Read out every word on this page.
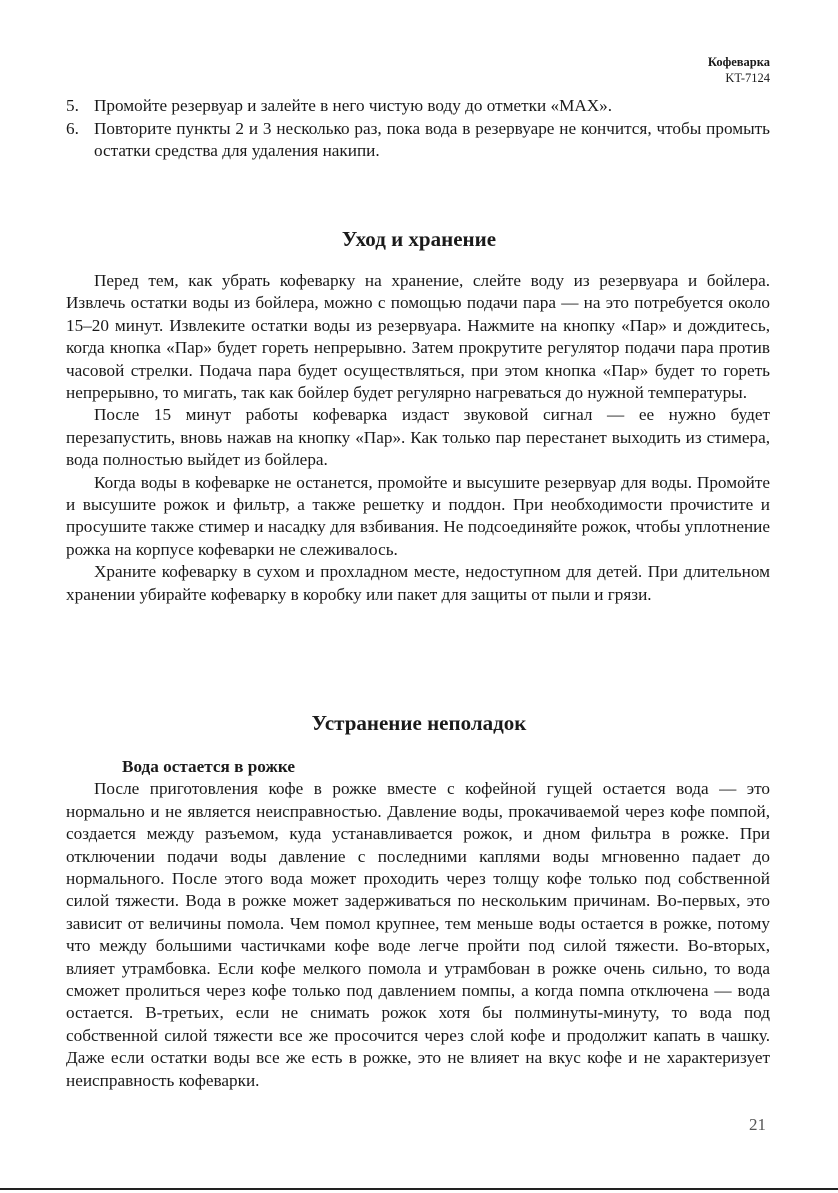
Кофеварка
KT-7124
5. Промойте резервуар и залейте в него чистую воду до отметки «MAX».
6. Повторите пункты 2 и 3 несколько раз, пока вода в резервуаре не кончится, чтобы промыть остатки средства для удаления накипи.
Уход и хранение

Перед тем, как убрать кофеварку на хранение, слейте воду из резервуара и бойлера. Извлечь остатки воды из бойлера, можно с помощью подачи пара — на это потребуется около 15–20 минут. Извлеките остатки воды из резервуара. Нажмите на кнопку «Пар» и дождитесь, когда кнопка «Пар» будет гореть непрерывно. Затем прокрутите регулятор подачи пара против часовой стрелки. Подача пара будет осуществляться, при этом кнопка «Пар» будет то гореть непрерывно, то мигать, так как бойлер будет регулярно нагреваться до нужной температуры.

После 15 минут работы кофеварка издаст звуковой сигнал — ее нужно будет перезапустить, вновь нажав на кнопку «Пар». Как только пар перестанет выходить из стимера, вода полностью выйдет из бойлера.

Когда воды в кофеварке не останется, промойте и высушите резервуар для воды. Промойте и высушите рожок и фильтр, а также решетку и поддон. При необходимости прочистите и просушите также стимер и насадку для взбивания. Не подсоединяйте рожок, чтобы уплотнение рожка на корпусе кофеварки не слеживалось.

Храните кофеварку в сухом и прохладном месте, недоступном для детей. При длительном хранении убирайте кофеварку в коробку или пакет для защиты от пыли и грязи.

Устранение неполадок

Вода остается в рожке

После приготовления кофе в рожке вместе с кофейной гущей остается вода — это нормально и не является неисправностью. Давление воды, прокачиваемой через кофе помпой, создается между разъемом, куда устанавливается рожок, и дном фильтра в рожке. При отключении подачи воды давление с последними каплями воды мгновенно падает до нормального. После этого вода может проходить через толщу кофе только под собственной силой тяжести. Вода в рожке может задерживаться по нескольким причинам. Во-первых, это зависит от величины помола. Чем помол крупнее, тем меньше воды остается в рожке, потому что между большими частичками кофе воде легче пройти под силой тяжести. Во-вторых, влияет утрамбовка. Если кофе мелкого помола и утрамбован в рожке очень сильно, то вода сможет пролиться через кофе только под давлением помпы, а когда помпа отключена — вода остается. В-третьих, если не снимать рожок хотя бы полминуты-минуту, то вода под собственной силой тяжести все же просочится через слой кофе и продолжит капать в чашку. Даже если остатки воды все же есть в рожке, это не влияет на вкус кофе и не характеризует неисправность кофеварки.

21
